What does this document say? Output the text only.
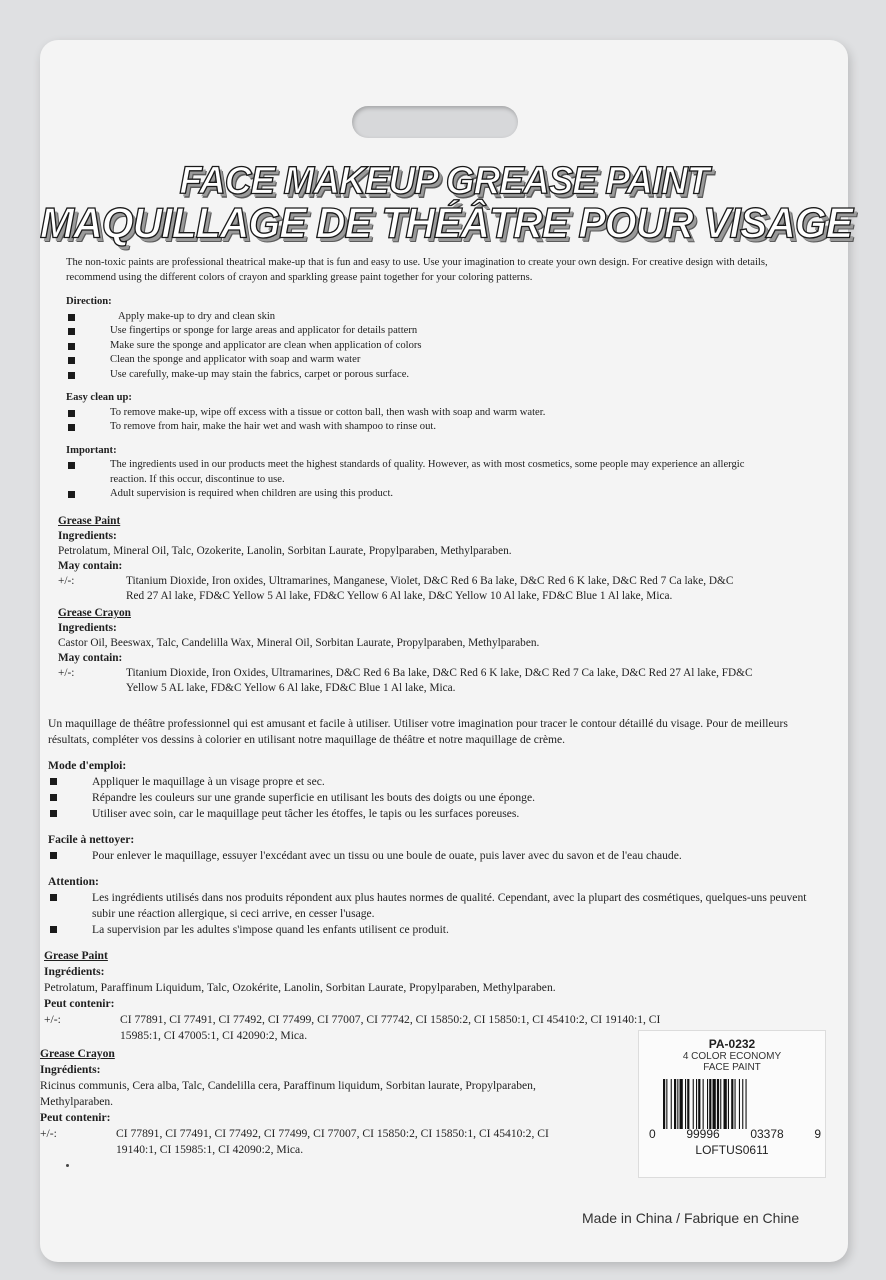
FACE MAKEUP GREASE PAINT
MAQUILLAGE DE THÉÂTRE POUR VISAGE

The non-toxic paints are professional theatrical make-up that is fun and easy to use. Use your imagination to create your own design. For creative design with details, recommend using the different colors of crayon and sparkling grease paint together for your coloring patterns.

Direction:

Apply make-up to dry and clean skin
Use fingertips or sponge for large areas and applicator for details pattern
Make sure the sponge and applicator are clean when application of colors
Clean the sponge and applicator with soap and warm water
Use carefully, make-up may stain the fabrics, carpet or porous surface.

Easy clean up:

To remove make-up, wipe off excess with a tissue or cotton ball, then wash with soap and warm water.
To remove from hair, make the hair wet and wash with shampoo to rinse out.

Important:

The ingredients used in our products meet the highest standards of quality. However, as with most cosmetics, some people may experience an allergic reaction. If this occur, discontinue to use.
Adult supervision is required when children are using this product.

Grease Paint

Ingredients:

Petrolatum, Mineral Oil, Talc, Ozokerite, Lanolin, Sorbitan Laurate, Propylparaben, Methylparaben.

May contain:

+/-:	Titanium Dioxide, Iron oxides, Ultramarines, Manganese, Violet, D&C Red 6 Ba lake, D&C Red 6 K lake, D&C Red 7 Ca lake, D&C Red 27 Al lake, FD&C Yellow 5 Al lake, FD&C Yellow 6 Al lake, D&C Yellow 10 Al lake, FD&C Blue 1 Al lake, Mica.

Grease Crayon

Ingredients:

Castor Oil, Beeswax, Talc, Candelilla Wax, Mineral Oil, Sorbitan Laurate, Propylparaben, Methylparaben.

May contain:

+/-:	Titanium Dioxide, Iron Oxides, Ultramarines, D&C Red 6 Ba lake, D&C Red 6 K lake, D&C Red 7 Ca lake, D&C Red 27 Al lake, FD&C Yellow 5 AL lake, FD&C Yellow 6 Al lake, FD&C Blue 1 Al lake, Mica.

Un maquillage de théâtre professionnel qui est amusant et facile à utiliser. Utiliser votre imagination pour tracer le contour détaillé du visage. Pour de meilleurs résultats, compléter vos dessins à colorier en utilisant notre maquillage de théâtre et notre maquillage de crème.

Mode d'emploi:

Appliquer le maquillage à un visage propre et sec.
Répandre les couleurs sur une grande superficie en utilisant les bouts des doigts ou une éponge.
Utiliser avec soin, car le maquillage peut tâcher les étoffes, le tapis ou les surfaces poreuses.

Facile à nettoyer:

Pour enlever le maquillage, essuyer l'excédant avec un tissu ou une boule de ouate, puis laver avec du savon et de l'eau chaude.

Attention:

Les ingrédients utilisés dans nos produits répondent aux plus hautes normes de qualité. Cependant, avec la plupart des cosmétiques, quelques-uns peuvent subir une réaction allergique, si ceci arrive, en cesser l'usage.
La supervision par les adultes s'impose quand les enfants utilisent ce produit.

Grease Paint

Ingrédients:

Petrolatum, Paraffinum Liquidum, Talc, Ozokérite, Lanolin, Sorbitan Laurate, Propylparaben, Methylparaben.

Peut contenir:

+/-:	CI 77891, CI 77491, CI 77492, CI 77499, CI 77007, CI 77742, CI 15850:2, CI 15850:1, CI 45410:2, CI 19140:1, CI 15985:1, CI 47005:1, CI 42090:2, Mica.

Grease Crayon

Ingrédients:

Ricinus communis, Cera alba, Talc, Candelilla cera, Paraffinum liquidum, Sorbitan laurate, Propylparaben, Methylparaben.

Peut contenir:

+/-:	CI 77891, CI 77491, CI 77492, CI 77499, CI 77007, CI 15850:2, CI 15850:1, CI 45410:2, CI 19140:1, CI 15985:1, CI 42090:2, Mica.
PA-0232
4 COLOR ECONOMY
FACE PAINT
0	99996	03378	9
LOFTUS0611
Made in China / Fabrique en Chine
